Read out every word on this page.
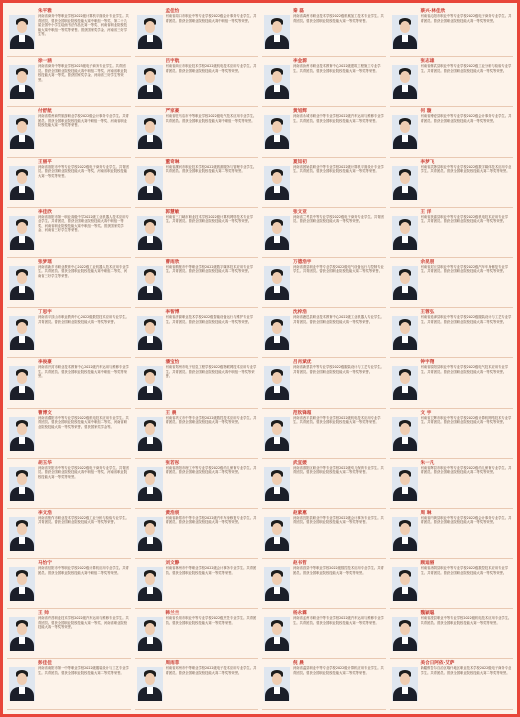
朱平雅
河南省商务中等职业学校2022级计算机平面设计专业学生。共青团员，曾获全国职业院校技能大赛中职组一等奖、第二十九届全国中小学生绘画书法作品比赛一等奖、河南省职业院校技能大赛中职组一等奖等荣誉。曾获国家奖学金、河南省三好学生等。
孟佳怡
河南省周口市职业中等专业学校2022级会计事务专业学生。共青团员。曾获全国职业院校技能大赛中职组一等奖等荣誉。
秦 磊
河南省禹州市职业技术学校2022级机械加工技术专业学生。共青团员。曾获全国职业院校技能大赛一等奖等荣誉。
蔡兴·林佳欣
河南省沁阳市职业中等专业学校2022级电子商务专业学生。共青团员。曾获全国职业院校技能大赛一等奖等荣誉。
徐一涵
河南省商务中等职业学校2023级电子商务专业学生。共青团员。曾获全国职业院校技能大赛中职组二等奖、河南省职业院校技能大赛一等奖。曾获国家奖学金、河南省三好学生等荣誉。
吕宇航
河南省商丘市职业技术学校2022级机电技术应用专业学生。共青团员。曾获全国职业院校技能大赛一等奖等荣誉。
李金源
河南省汝州市职业技术教育中心2022级建筑工程施工专业学生。共青团员。曾获全国职业院校技能大赛一等奖等荣誉。
张志雄
河南省修武县职业中等专业学校2022级工业分析与检验专业学生。共青团员。曾获全国职业院校技能大赛一等奖等荣誉。
付舒航
河南省郑州商贸旅游职业学校2022级会计事务专业学生。共青团员。曾获全国职业院校技能大赛中职组一等奖、河南省职业院校技能大赛一等奖等荣誉。
严家豪
河南省驻马店市中等职业学校2022级电气技术应用专业学生。共青团员。曾获全国职业院校技能大赛中职组一等奖等荣誉。
黄旭辉
河南省永城市职业中等专业学校2022级汽车运用与维修专业学生。共青团员。曾获全国职业院校技能大赛二等奖等荣誉。
何 璇
河南省博爱县职业中等专业学校2022级会计事务专业学生。共青团员。曾获全国职业院校技能大赛一等奖等荣誉。
王丽平
河南省洛阳市中等专业学校2022级电子商务专业学生。共青团员。曾获全国职业院校技能大赛一等奖、河南省职业院校技能大赛一等奖等荣誉。
董奇琳
河南省漯河市职业技术学校2022级旅游服务与管理专业学生。共青团员。曾获全国职业院校技能大赛二等奖等荣誉。
夏知初
河南省固始县职业中等专业学校2022级计算机平面设计专业学生。共青团员。曾获全国职业院校技能大赛一等奖等荣誉。
李梦飞
河南省武陟县职业中等专业学校2022级数字媒体技术应用专业学生。共青团员。曾获全国职业院校技能大赛二等奖等荣誉。
李佳欣
河南省洛阳市第一职业高级中学2022级工业机器人技术应用专业学生。共青团员，曾获全国职业院校技能大赛中职组一等奖、河南省职业院校技能大赛中职组一等奖。曾获国家奖学金、河南省三好学生等荣誉。
郭慧敏
河南省三门峡市职业技术学校2022级计算机网络技术专业学生。共青团员。曾获全国职业院校技能大赛一等奖等荣誉。
张文亚
河南省兰考县中等专业学校2022级电子商务专业学生。共青团员。曾获全国职业院校技能大赛一等奖等荣誉。
王 洋
河南省获嘉县职业中等专业学校2022级机电技术应用专业学生。共青团员。曾获全国职业院校技能大赛一等奖等荣誉。
张梦瑶
河南省新乡市职业教育中心2022级工业机器人技术应用专业学生。共青团员。曾获全国职业院校技能大赛中职组二等奖、河南省三好学生等荣誉。
曹雨欣
河南省鹤壁市中等职业学校2022级数字媒体技术应用专业学生。共青团员。曾获全国职业院校技能大赛二等奖等荣誉。
万德浩宇
河南省滑县职业中等专业学校2022级电气设备运行与控制专业学生。共青团员。曾获全国职业院校技能大赛二等奖等荣誉。
余昆朋
河南省封丘县职业中等专业学校2022级汽车车身修复专业学生。共青团员。曾获全国职业院校技能大赛一等奖等荣誉。
丁思宇
河南省平顶山市职业教育中心2022级数控技术应用专业学生。共青团员。曾获全国职业院校技能大赛一等奖等荣誉。
李智博
河南省济源职业技术学校2022级智能设备运行与维护专业学生。共青团员。曾获全国职业院校技能大赛一等奖等荣誉。
沈梓浩
河南省鹿邑县职业技术教育中心2022级工业机器人专业学生。共青团员。曾获全国职业院校技能大赛一等奖等荣誉。
王蓉弘
河南省延津县职业中等专业学校2022级服装设计与工艺专业学生。共青团员。曾获全国职业院校技能大赛二等奖等荣誉。
李俊豪
河南省开封市职业技术教育中心2022级汽车运用与维修专业学生。共青团员。曾获全国职业院校技能大赛中职组一等奖等荣誉。
潘宝怡
河南省郑州市电子信息工程学校2022级物联网技术应用专业学生。共青团员。曾获全国职业院校技能大赛中职组一等奖等荣誉。
吕肖斌优
河南省新蔡县中等专业学校2022级服装设计与工艺专业学生。共青团员。曾获全国职业院校技能大赛一等奖等荣誉。
钟宇翔
河南省原阳县职业中等专业学校2022级电气技术应用专业学生。共青团员。曾获全国职业院校技能大赛一等奖等荣誉。
曹博文
河南省濮阳市中等专业学校2022级机电技术应用专业学生。共青团员。曾获全国职业院校技能大赛中职组二等奖、河南省职业院校技能大赛一等奖等荣誉。曾获国家奖学金等。
王 晨
河南省巩义市中等专业学校2022级数控技术应用专业学生。共青团员。曾获全国职业院校技能大赛一等奖等荣誉。
范钦锋超
河南省西平县职业中等专业学校2022级机电技术应用专业学生。共青团员。曾获全国职业院校技能大赛一等奖等荣誉。
文 宇
河南省卫辉市职业中等专业学校2022级计算机网络技术专业学生。共青团员。曾获全国职业院校技能大赛一等奖等荣誉。
胡玉华
河南省安阳市中等专业学校2022级电子商务专业学生。共青团员。曾获全国职业院校技能大赛中职组一等奖、河南省职业院校技能大赛一等奖等荣誉。
张若彤
河南省洛阳市理工中等专业学校2022级幼儿保育专业学生。共青团员。曾获全国职业院校技能大赛二等奖等荣誉。
武宣媛
河南省淮阳区职业中等专业学校2022级幼儿保育专业学生。共青团员。曾获全国职业院校技能大赛二等奖等荣誉。
朱一凡
河南省辉县市职业中等专业学校2022级幼儿保育专业学生。共青团员。曾获全国职业院校技能大赛二等奖等荣誉。
李文浩
河南省焦作市职业技术学校2022级工业分析与检验专业学生。共青团员。曾获全国职业院校技能大赛一等奖等荣誉。
黄浩宸
河南省新郑市中等专业学校2022级汽车车身修复专业学生。共青团员。曾获全国职业院校技能大赛一等奖等荣誉。
赵紫惠
河南省宜阳县职业中等专业学校2022级会计事务专业学生。共青团员。曾获全国职业院校技能大赛一等奖等荣誉。
周 琳
河南省内黄县职业中等专业学校2022级会计事务专业学生。共青团员。曾获全国职业院校技能大赛一等奖等荣誉。
马怡宁
河南省信阳市中等职业学校2022级计算机应用专业学生。共青团员。曾获全国职业院校技能大赛中职组二等奖等荣誉。
刘文静
河南省林州市中等职业学校2022级会计事务专业学生。共青团员。曾获全国职业院校技能大赛一等奖等荣誉。
赵书哲
河南省嵩县中等职业学校2022级数控技术应用专业学生。共青团员。曾获全国职业院校技能大赛一等奖等荣誉。
顾迪丽
河南省汤阴县职业中等专业学校2022级数控技术应用专业学生。共青团员。曾获全国职业院校技能大赛一等奖等荣誉。
王 帅
河南省许昌职业技术学校2022级汽车运用与维修专业学生。共青团员。曾获全国职业院校技能大赛一等奖、河南省职业院校技能大赛一等奖等荣誉。
韩兰兰
河南省长垣市职业中等专业学校2022级烹饪专业学生。共青团员。曾获全国职业院校技能大赛一等奖等荣誉。
杨永霖
河南省孟州市职业中等专业学校2022级汽车运用与维修专业学生。共青团员。曾获全国职业院校技能大赛一等奖等荣誉。
魏颖聪
河南省浚县职业中等专业学校2022级机电技术应用专业学生。共青团员。曾获全国职业院校技能大赛一等奖等荣誉。
彭佳佳
河南省南阳市第一中等职业学校2022级服装设计与工艺专业学生。共青团员。曾获全国职业院校技能大赛二等奖等荣誉。
周雨菲
河南省邓州市中等职业学校2022级电子技术应用专业学生。共青团员。曾获全国职业院校技能大赛二等奖等荣誉。
倪 晨
河南省温县职业中等专业学校2022级计算机应用专业学生。共青团员。曾获全国职业院校技能大赛二等奖等荣誉。
美合日阿依·艾萨
新疆维吾尔自治区喀什地区职业技术学校2022级电子商务专业学生。共青团员。曾获全国职业院校技能大赛二等奖等荣誉。
